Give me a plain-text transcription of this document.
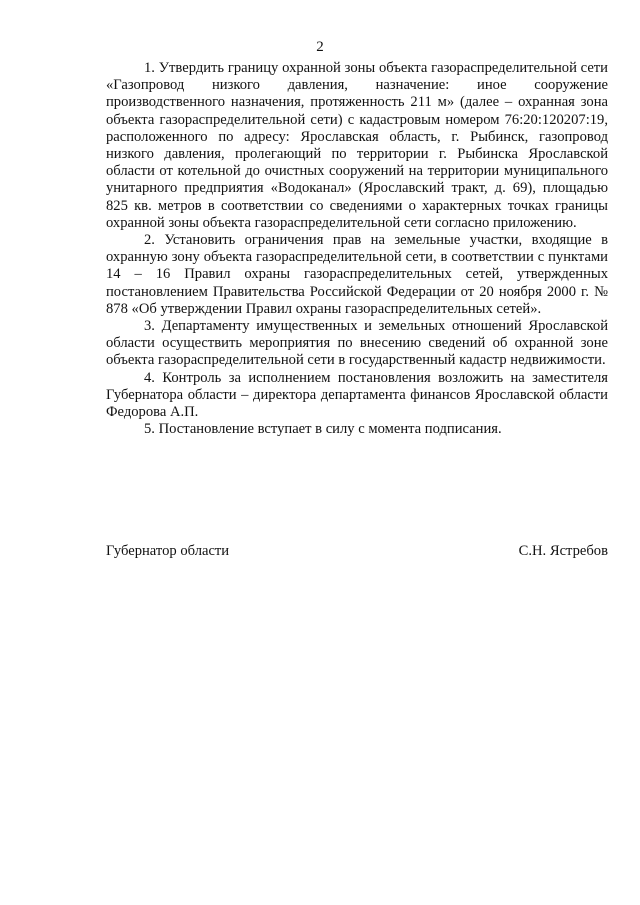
2

1. Утвердить границу охранной зоны объекта газораспределительной сети «Газопровод низкого давления, назначение: иное сооружение производственного назначения, протяженность 211 м» (далее – охранная зона объекта газораспределительной сети) с кадастровым номером 76:20:120207:19, расположенного по адресу: Ярославская область, г. Рыбинск, газопровод низкого давления, пролегающий по территории г. Рыбинска Ярославской области от котельной до очистных сооружений на территории муниципального унитарного предприятия «Водоканал» (Ярославский тракт, д. 69), площадью 825 кв. метров в соответствии со сведениями о характерных точках границы охранной зоны объекта газораспределительной сети согласно приложению.

2. Установить ограничения прав на земельные участки, входящие в охранную зону объекта газораспределительной сети, в соответствии с пунктами 14 – 16 Правил охраны газораспределительных сетей, утвержденных постановлением Правительства Российской Федерации от 20 ноября 2000 г. № 878 «Об утверждении Правил охраны газораспределительных сетей».

3. Департаменту имущественных и земельных отношений Ярославской области осуществить мероприятия по внесению сведений об охранной зоне объекта газораспределительной сети в государственный кадастр недвижимости.

4. Контроль за исполнением постановления возложить на заместителя Губернатора области – директора департамента финансов Ярославской области Федорова А.П.

5. Постановление вступает в силу с момента подписания.

Губернатор области	С.Н. Ястребов
